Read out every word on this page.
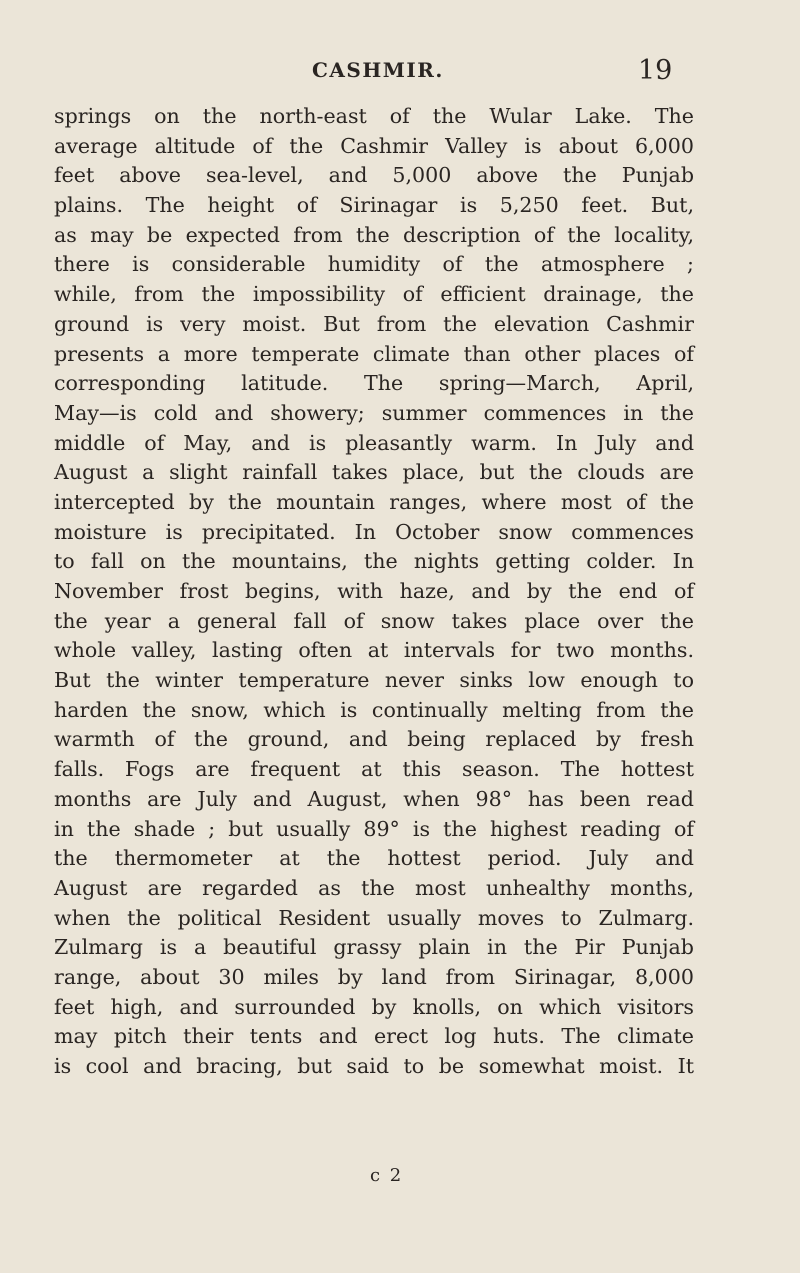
CASHMIR.	19
springs on the north-east of the Wular Lake. The
average altitude of the Cashmir Valley is about 6,000
feet above sea-level, and 5,000 above the Punjab
plains. The height of Sirinagar is 5,250 feet. But,
as may be expected from the description of the locality,
there is considerable humidity of the atmosphere ;
while, from the impossibility of efficient drainage, the
ground is very moist. But from the elevation Cashmir
presents a more temperate climate than other places of
corresponding latitude. The spring—March, April,
May—is cold and showery; summer commences in the
middle of May, and is pleasantly warm. In July and
August a slight rainfall takes place, but the clouds are
intercepted by the mountain ranges, where most of the
moisture is precipitated. In October snow commences
to fall on the mountains, the nights getting colder. In
November frost begins, with haze, and by the end of
the year a general fall of snow takes place over the
whole valley, lasting often at intervals for two months.
But the winter temperature never sinks low enough to
harden the snow, which is continually melting from the
warmth of the ground, and being replaced by fresh
falls. Fogs are frequent at this season. The hottest
months are July and August, when 98° has been read
in the shade ; but usually 89° is the highest reading of
the thermometer at the hottest period. July and
August are regarded as the most unhealthy months,
when the political Resident usually moves to Zulmarg.
Zulmarg is a beautiful grassy plain in the Pir Punjab
range, about 30 miles by land from Sirinagar, 8,000
feet high, and surrounded by knolls, on which visitors
may pitch their tents and erect log huts. The climate
is cool and bracing, but said to be somewhat moist. It
c 2
